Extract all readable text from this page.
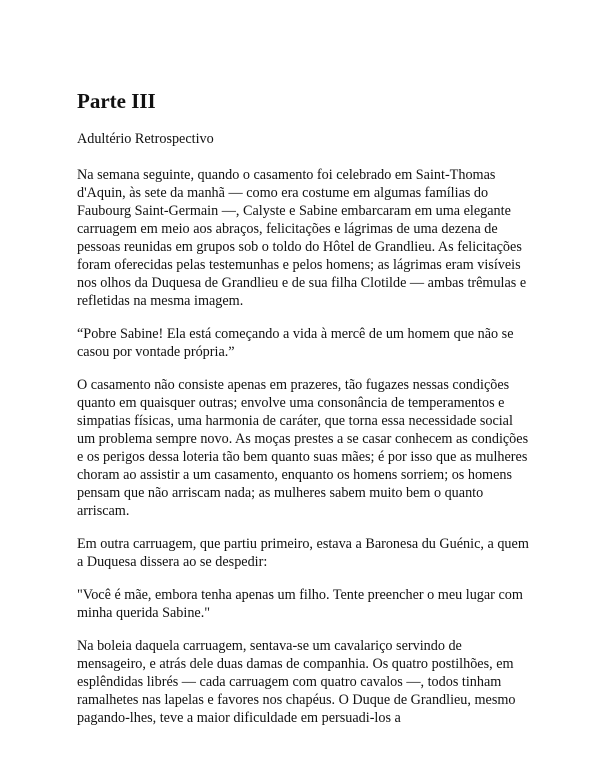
Parte III
Adultério Retrospectivo

Na semana seguinte, quando o casamento foi celebrado em Saint-Thomas d'Aquin, às sete da manhã — como era costume em algumas famílias do Faubourg Saint-Germain —, Calyste e Sabine embarcaram em uma elegante carruagem em meio aos abraços, felicitações e lágrimas de uma dezena de pessoas reunidas em grupos sob o toldo do Hôtel de Grandlieu. As felicitações foram oferecidas pelas testemunhas e pelos homens; as lágrimas eram visíveis nos olhos da Duquesa de Grandlieu e de sua filha Clotilde — ambas trêmulas e refletidas na mesma imagem.

“Pobre Sabine! Ela está começando a vida à mercê de um homem que não se casou por vontade própria.”

O casamento não consiste apenas em prazeres, tão fugazes nessas condições quanto em quaisquer outras; envolve uma consonância de temperamentos e simpatias físicas, uma harmonia de caráter, que torna essa necessidade social um problema sempre novo. As moças prestes a se casar conhecem as condições e os perigos dessa loteria tão bem quanto suas mães; é por isso que as mulheres choram ao assistir a um casamento, enquanto os homens sorriem; os homens pensam que não arriscam nada; as mulheres sabem muito bem o quanto arriscam.

Em outra carruagem, que partiu primeiro, estava a Baronesa du Guénic, a quem a Duquesa dissera ao se despedir:

"Você é mãe, embora tenha apenas um filho. Tente preencher o meu lugar com minha querida Sabine."

Na boleia daquela carruagem, sentava-se um cavalariço servindo de mensageiro, e atrás dele duas damas de companhia. Os quatro postilhões, em esplêndidas librés — cada carruagem com quatro cavalos —, todos tinham ramalhetes nas lapelas e favores nos chapéus. O Duque de Grandlieu, mesmo pagando-lhes, teve a maior dificuldade em persuadi-los a
